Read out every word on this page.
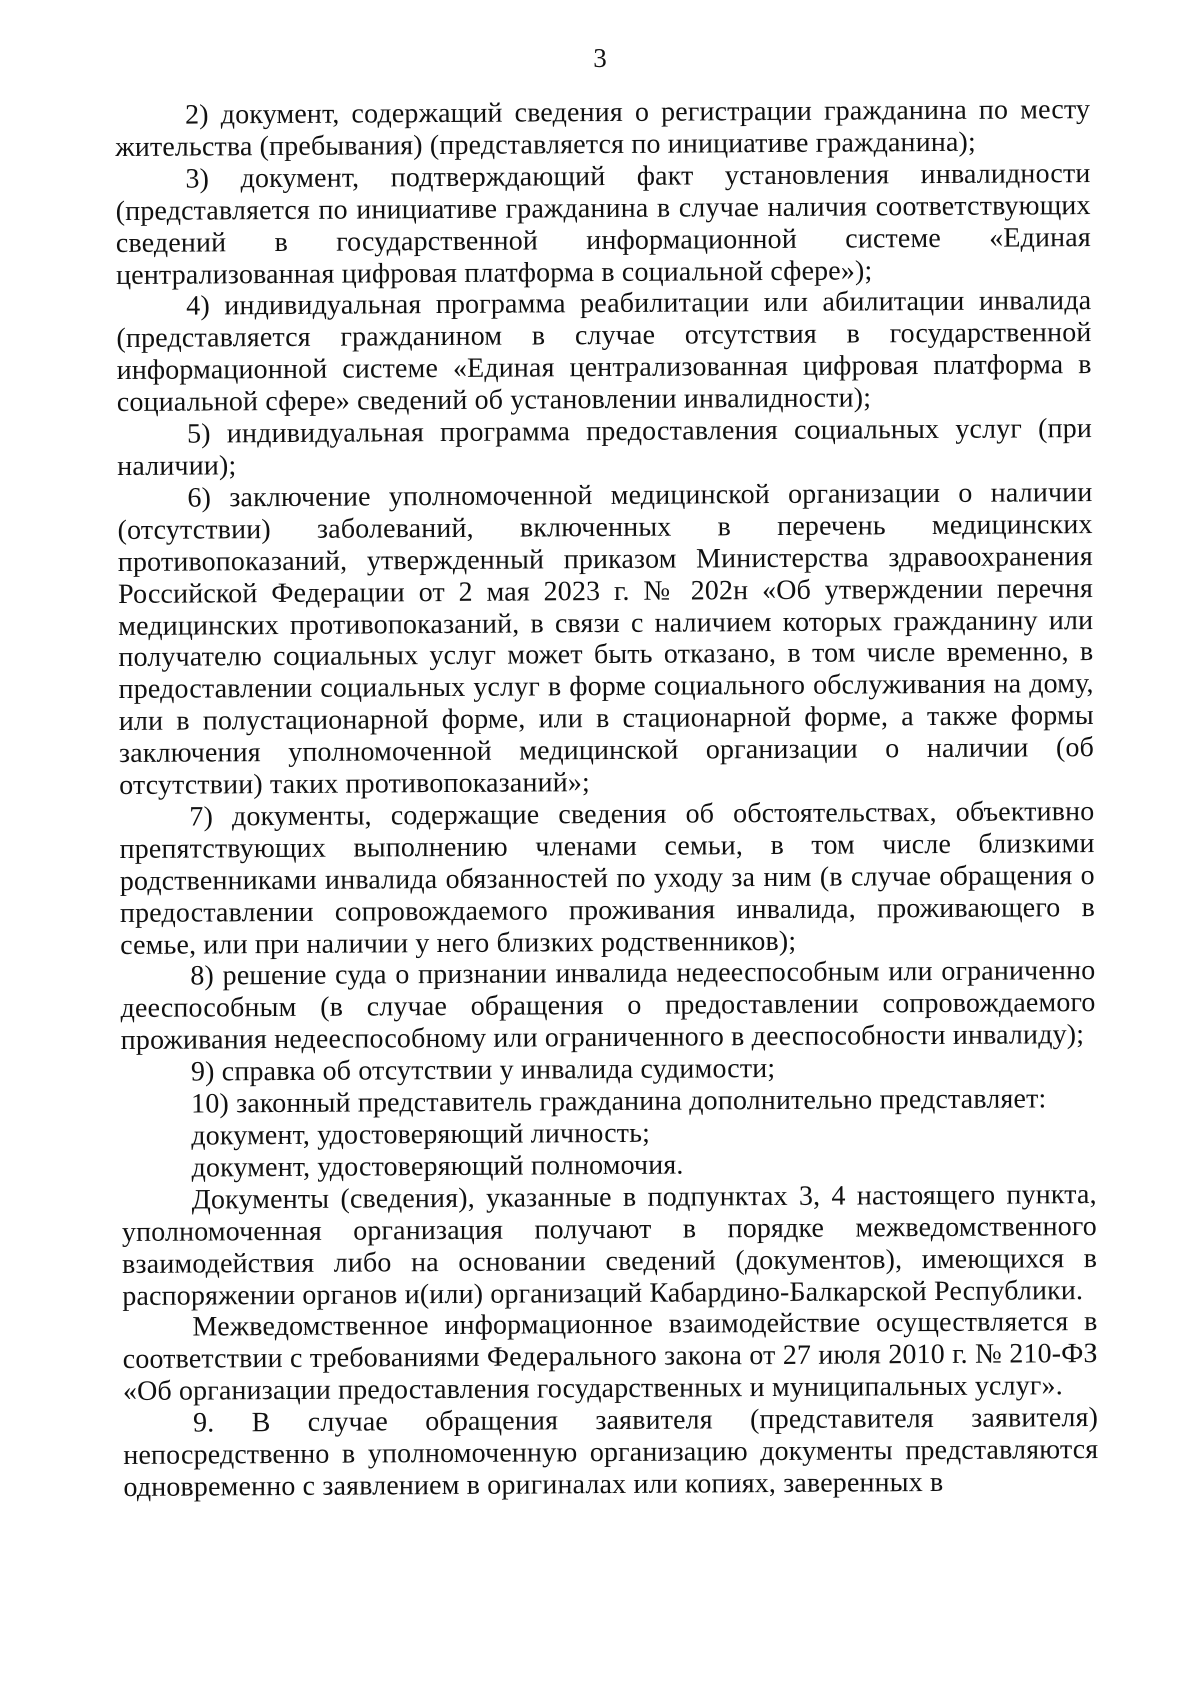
3

2) документ, содержащий сведения о регистрации гражданина по месту жительства (пребывания) (представляется по инициативе гражданина);

3) документ, подтверждающий факт установления инвалидности (представляется по инициативе гражданина в случае наличия соответствующих сведений в государственной информационной системе «Единая централизованная цифровая платформа в социальной сфере»);

4) индивидуальная программа реабилитации или абилитации инвалида (представляется гражданином в случае отсутствия в государственной информационной системе «Единая централизованная цифровая платформа в социальной сфере» сведений об установлении инвалидности);

5) индивидуальная программа предоставления социальных услуг (при наличии);

6) заключение уполномоченной медицинской организации о наличии (отсутствии) заболеваний, включенных в перечень медицинских противопоказаний, утвержденный приказом Министерства здравоохранения Российской Федерации от 2 мая 2023 г. № 202н «Об утверждении перечня медицинских противопоказаний, в связи с наличием которых гражданину или получателю социальных услуг может быть отказано, в том числе временно, в предоставлении социальных услуг в форме социального обслуживания на дому, или в полустационарной форме, или в стационарной форме, а также формы заключения уполномоченной медицинской организации о наличии (об отсутствии) таких противопоказаний»;

7) документы, содержащие сведения об обстоятельствах, объективно препятствующих выполнению членами семьи, в том числе близкими родственниками инвалида обязанностей по уходу за ним (в случае обращения о предоставлении сопровождаемого проживания инвалида, проживающего в семье, или при наличии у него близких родственников);

8) решение суда о признании инвалида недееспособным или ограниченно дееспособным (в случае обращения о предоставлении сопровождаемого проживания недееспособному или ограниченного в дееспособности инвалиду);

9) справка об отсутствии у инвалида судимости;

10) законный представитель гражданина дополнительно представляет:

документ, удостоверяющий личность;

документ, удостоверяющий полномочия.

Документы (сведения), указанные в подпунктах 3, 4 настоящего пункта, уполномоченная организация получают в порядке межведомственного взаимодействия либо на основании сведений (документов), имеющихся в распоряжении органов и(или) организаций Кабардино-Балкарской Республики.

Межведомственное информационное взаимодействие осуществляется в соответствии с требованиями Федерального закона от 27 июля 2010 г. № 210-ФЗ «Об организации предоставления государственных и муниципальных услуг».

9. В случае обращения заявителя (представителя заявителя) непосредственно в уполномоченную организацию документы представляются одновременно с заявлением в оригиналах или копиях, заверенных в
